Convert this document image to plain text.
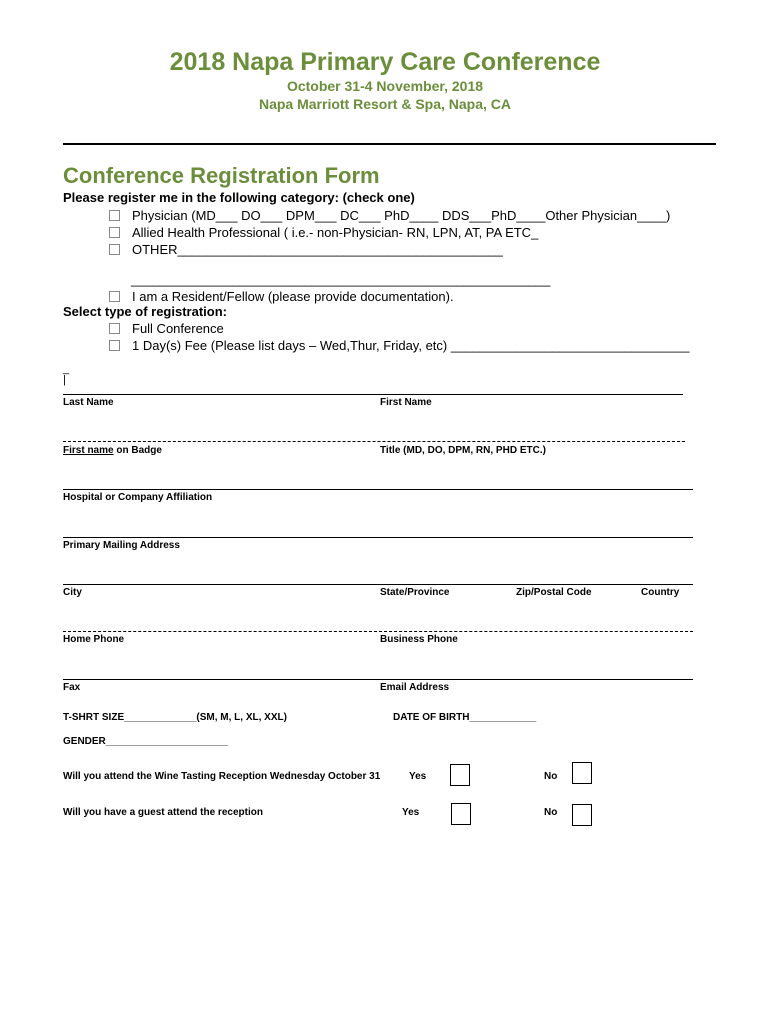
2018 Napa Primary Care Conference
October 31-4 November, 2018
Napa Marriott Resort & Spa, Napa, CA
Conference Registration Form
Please register me in the following category: (check one)
Physician (MD___ DO___ DPM___ DC___ PhD____ DDS___PhD____Other Physician____)
Allied Health Professional ( i.e.- non-Physician- RN, LPN, AT, PA ETC_
OTHER_____________________________________________
__________________________________________________________
I am a Resident/Fellow (please provide documentation).
Select type of registration:
Full Conference
1 Day(s) Fee (Please list days – Wed,Thur, Friday, etc) _________________________________
_
|
Last Name	First Name
First name on Badge	Title (MD, DO, DPM, RN, PHD ETC.)
Hospital or Company Affiliation
Primary Mailing Address
City	State/Province	Zip/Postal Code	Country
Home Phone	Business Phone
Fax	Email Address
T-SHRT SIZE_____________(SM, M, L, XL, XXL)	DATE OF BIRTH____________
GENDER______________________
Will you attend the Wine Tasting Reception Wednesday October 31	Yes	No
Will you have a guest attend the reception	Yes	No
